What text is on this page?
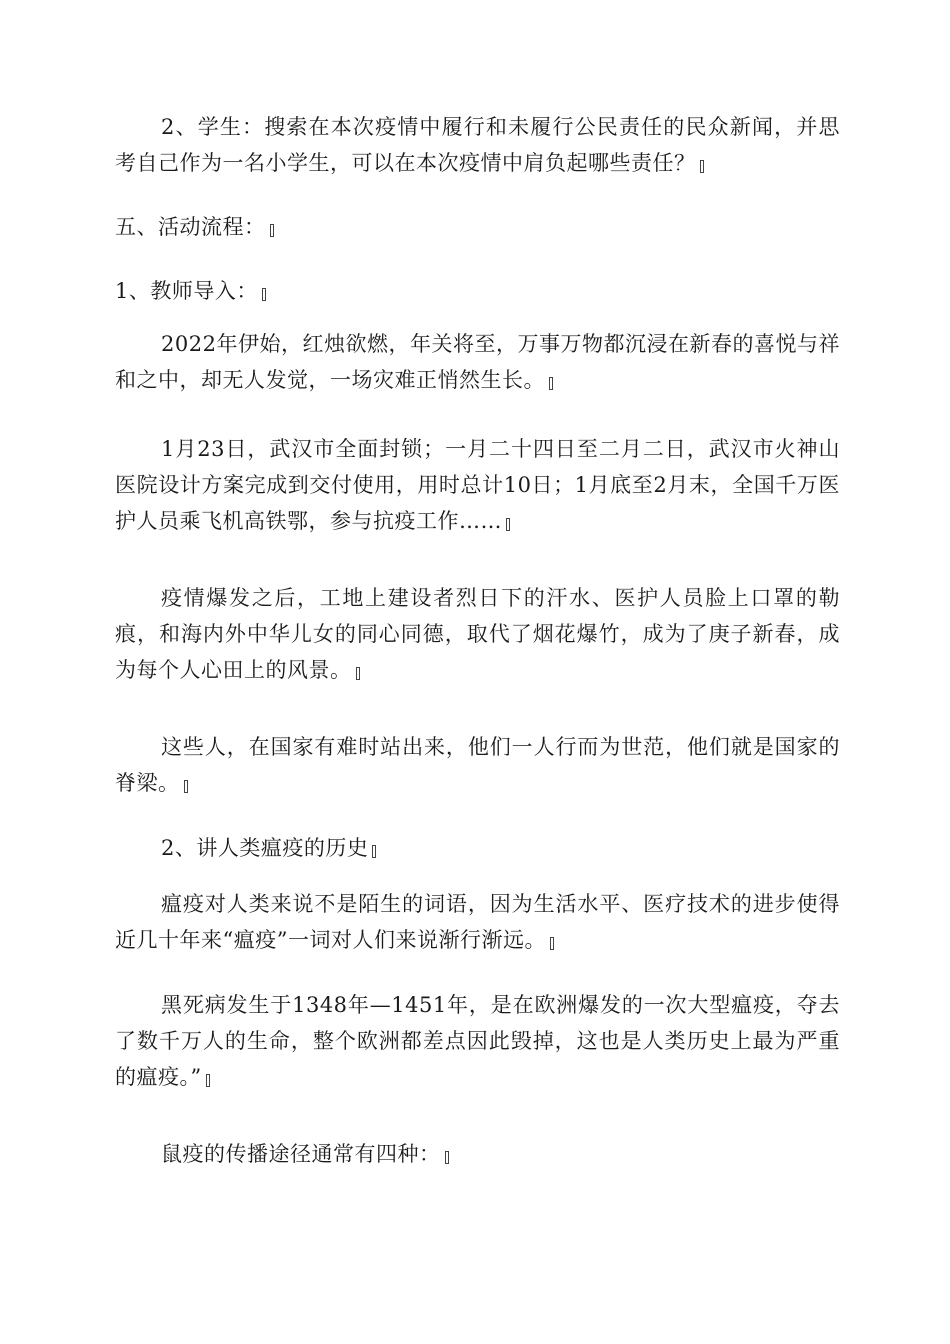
2、学生：搜索在本次疫情中履行和未履行公民责任的民众新闻，并思考自己作为一名小学生，可以在本次疫情中肩负起哪些责任？

五、活动流程：

1、教师导入：

2022年伊始，红烛欲燃，年关将至，万事万物都沉浸在新春的喜悦与祥和之中，却无人发觉，一场灾难正悄然生长。

1月23日，武汉市全面封锁；一月二十四日至二月二日，武汉市火神山医院设计方案完成到交付使用，用时总计10日；1月底至2月末，全国千万医护人员乘飞机高铁鄂，参与抗疫工作……

疫情爆发之后，工地上建设者烈日下的汗水、医护人员脸上口罩的勒痕，和海内外中华儿女的同心同德，取代了烟花爆竹，成为了庚子新春，成为每个人心田上的风景。

这些人，在国家有难时站出来，他们一人行而为世范，他们就是国家的脊梁。

2、讲人类瘟疫的历史

瘟疫对人类来说不是陌生的词语，因为生活水平、医疗技术的进步使得近几十年来“瘟疫”一词对人们来说渐行渐远。

黑死病发生于1348年—1451年，是在欧洲爆发的一次大型瘟疫，夺去了数千万人的生命，整个欧洲都差点因此毁掉，这也是人类历史上最为严重的瘟疫。”

鼠疫的传播途径通常有四种：
